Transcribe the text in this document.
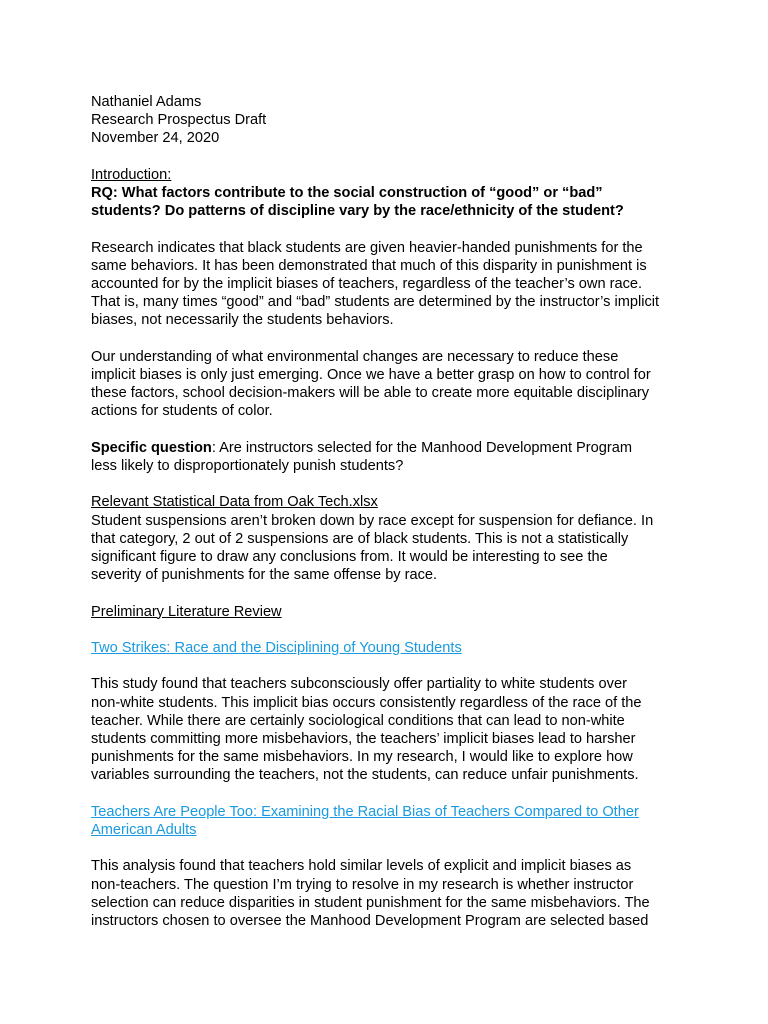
Nathaniel Adams
Research Prospectus Draft
November 24, 2020
Introduction:
RQ: What factors contribute to the social construction of “good” or “bad”
students? Do patterns of discipline vary by the race/ethnicity of the student?
Research indicates that black students are given heavier-handed punishments for the
same behaviors. It has been demonstrated that much of this disparity in punishment is
accounted for by the implicit biases of teachers, regardless of the teacher’s own race.
That is, many times “good” and “bad” students are determined by the instructor’s implicit
biases, not necessarily the students behaviors.
Our understanding of what environmental changes are necessary to reduce these
implicit biases is only just emerging. Once we have a better grasp on how to control for
these factors, school decision-makers will be able to create more equitable disciplinary
actions for students of color.
Specific question: Are instructors selected for the Manhood Development Program
less likely to disproportionately punish students?
Relevant Statistical Data from Oak Tech.xlsx
Student suspensions aren’t broken down by race except for suspension for defiance. In
that category, 2 out of 2 suspensions are of black students. This is not a statistically
significant figure to draw any conclusions from. It would be interesting to see the
severity of punishments for the same offense by race.
Preliminary Literature Review
Two Strikes: Race and the Disciplining of Young Students
This study found that teachers subconsciously offer partiality to white students over
non-white students. This implicit bias occurs consistently regardless of the race of the
teacher. While there are certainly sociological conditions that can lead to non-white
students committing more misbehaviors, the teachers’ implicit biases lead to harsher
punishments for the same misbehaviors. In my research, I would like to explore how
variables surrounding the teachers, not the students, can reduce unfair punishments.
Teachers Are People Too: Examining the Racial Bias of Teachers Compared to Other
American Adults
This analysis found that teachers hold similar levels of explicit and implicit biases as
non-teachers. The question I’m trying to resolve in my research is whether instructor
selection can reduce disparities in student punishment for the same misbehaviors. The
instructors chosen to oversee the Manhood Development Program are selected based
